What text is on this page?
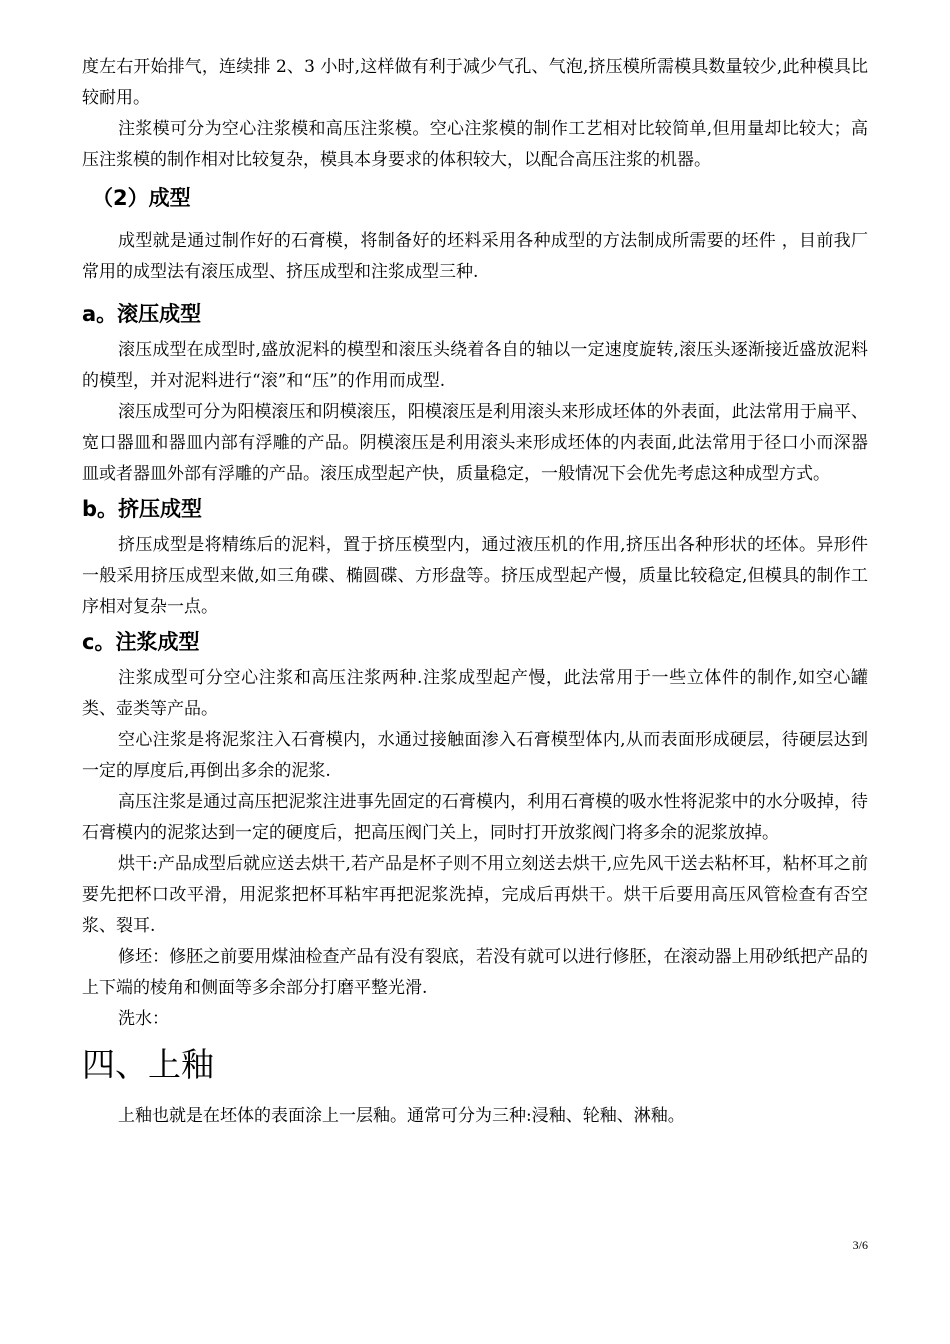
度左右开始排气，连续排 2、3 小时,这样做有利于减少气孔、气泡,挤压模所需模具数量较少,此种模具比较耐用。

注浆模可分为空心注浆模和高压注浆模。空心注浆模的制作工艺相对比较简单,但用量却比较大；高压注浆模的制作相对比较复杂，模具本身要求的体积较大，以配合高压注浆的机器。

（2）成型

成型就是通过制作好的石膏模，将制备好的坯料采用各种成型的方法制成所需要的坯件 ，目前我厂常用的成型法有滚压成型、挤压成型和注浆成型三种.

a。滚压成型

滚压成型在成型时,盛放泥料的模型和滚压头绕着各自的轴以一定速度旋转,滚压头逐渐接近盛放泥料的模型，并对泥料进行“滚”和“压”的作用而成型.

滚压成型可分为阳模滚压和阴模滚压，阳模滚压是利用滚头来形成坯体的外表面，此法常用于扁平、宽口器皿和器皿内部有浮雕的产品。阴模滚压是利用滚头来形成坯体的内表面,此法常用于径口小而深器皿或者器皿外部有浮雕的产品。滚压成型起产快，质量稳定，一般情况下会优先考虑这种成型方式。

b。挤压成型

挤压成型是将精练后的泥料，置于挤压模型内，通过液压机的作用,挤压出各种形状的坯体。异形件一般采用挤压成型来做,如三角碟、椭圆碟、方形盘等。挤压成型起产慢，质量比较稳定,但模具的制作工序相对复杂一点。

c。注浆成型

注浆成型可分空心注浆和高压注浆两种.注浆成型起产慢，此法常用于一些立体件的制作,如空心罐类、壶类等产品。

空心注浆是将泥浆注入石膏模内，水通过接触面渗入石膏模型体内,从而表面形成硬层，待硬层达到一定的厚度后,再倒出多余的泥浆.

高压注浆是通过高压把泥浆注进事先固定的石膏模内，利用石膏模的吸水性将泥浆中的水分吸掉，待石膏模内的泥浆达到一定的硬度后，把高压阀门关上，同时打开放浆阀门将多余的泥浆放掉。

烘干:产品成型后就应送去烘干,若产品是杯子则不用立刻送去烘干,应先风干送去粘杯耳，粘杯耳之前要先把杯口改平滑，用泥浆把杯耳粘牢再把泥浆洗掉，完成后再烘干。烘干后要用高压风管检查有否空浆、裂耳.

修坯：修胚之前要用煤油检查产品有没有裂底，若没有就可以进行修胚，在滚动器上用砂纸把产品的上下端的棱角和侧面等多余部分打磨平整光滑.

洗水：

四、上釉

上釉也就是在坯体的表面涂上一层釉。通常可分为三种:浸釉、轮釉、淋釉。

3/6
